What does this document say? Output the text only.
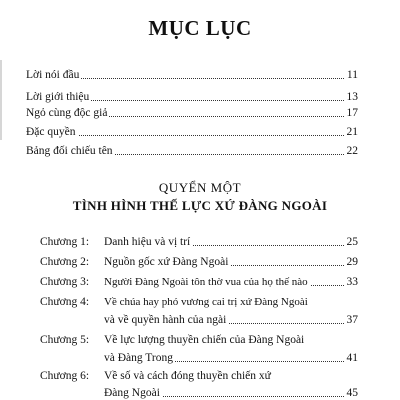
MỤC LỤC
Lời nói đầu	11
Lời giới thiệu	13
Ngỏ cùng độc giả	17
Đặc quyền	21
Bảng đối chiếu tên	22
QUYỂN MỘT
TÌNH HÌNH THẾ LỰC XỨ ĐÀNG NGOÀI
Chương 1: Danh hiệu và vị trí	25
Chương 2: Nguồn gốc xứ Đàng Ngoài	29
Chương 3: Người Đàng Ngoài tôn thờ vua của họ thế nào	33
Chương 4: Về chúa hay phó vương cai trị xứ Đàng Ngoài
và về quyền hành của ngài	37
Chương 5: Về lực lượng thuyền chiến của Đàng Ngoài
và Đàng Trong	41
Chương 6: Về số và cách đóng thuyền chiến xứ
Đàng Ngoài	45
